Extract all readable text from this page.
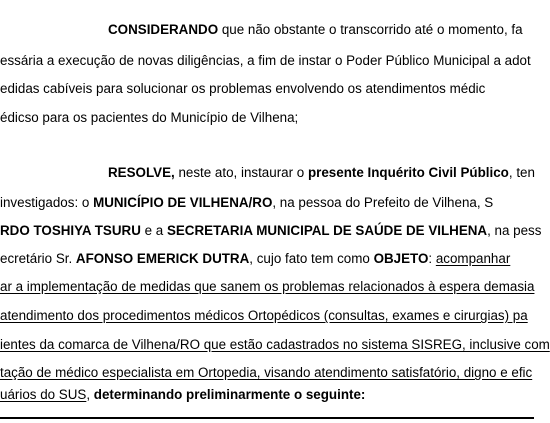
CONSIDERANDO que não obstante o transcorrido até o momento, fa
essária a execução de novas diligências, a fim de instar o Poder Público Municipal a adot
edidas cabíveis para solucionar os problemas envolvendo os atendimentos médic
édicso para os pacientes do Município de Vilhena;
RESOLVE, neste ato, instaurar o presente Inquérito Civil Público, ten
investigados: o MUNICÍPIO DE VILHENA/RO, na pessoa do Prefeito de Vilhena, S
RDO TOSHIYA TSURU e a SECRETARIA MUNICIPAL DE SAÚDE DE VILHENA, na pess
ecretário Sr. AFONSO EMERICK DUTRA, cujo fato tem como OBJETO: acompanhar
ar a implementação de medidas que sanem os problemas relacionados à espera demasia
atendimento dos procedimentos médicos Ortopédicos (consultas, exames e cirurgias) pa
ientes da comarca de Vilhena/RO que estão cadastrados no sistema SISREG, inclusive com
tação de médico especialista em Ortopedia, visando atendimento satisfatório, digno e efic
uários do SUS, determinando preliminarmente o seguinte:
